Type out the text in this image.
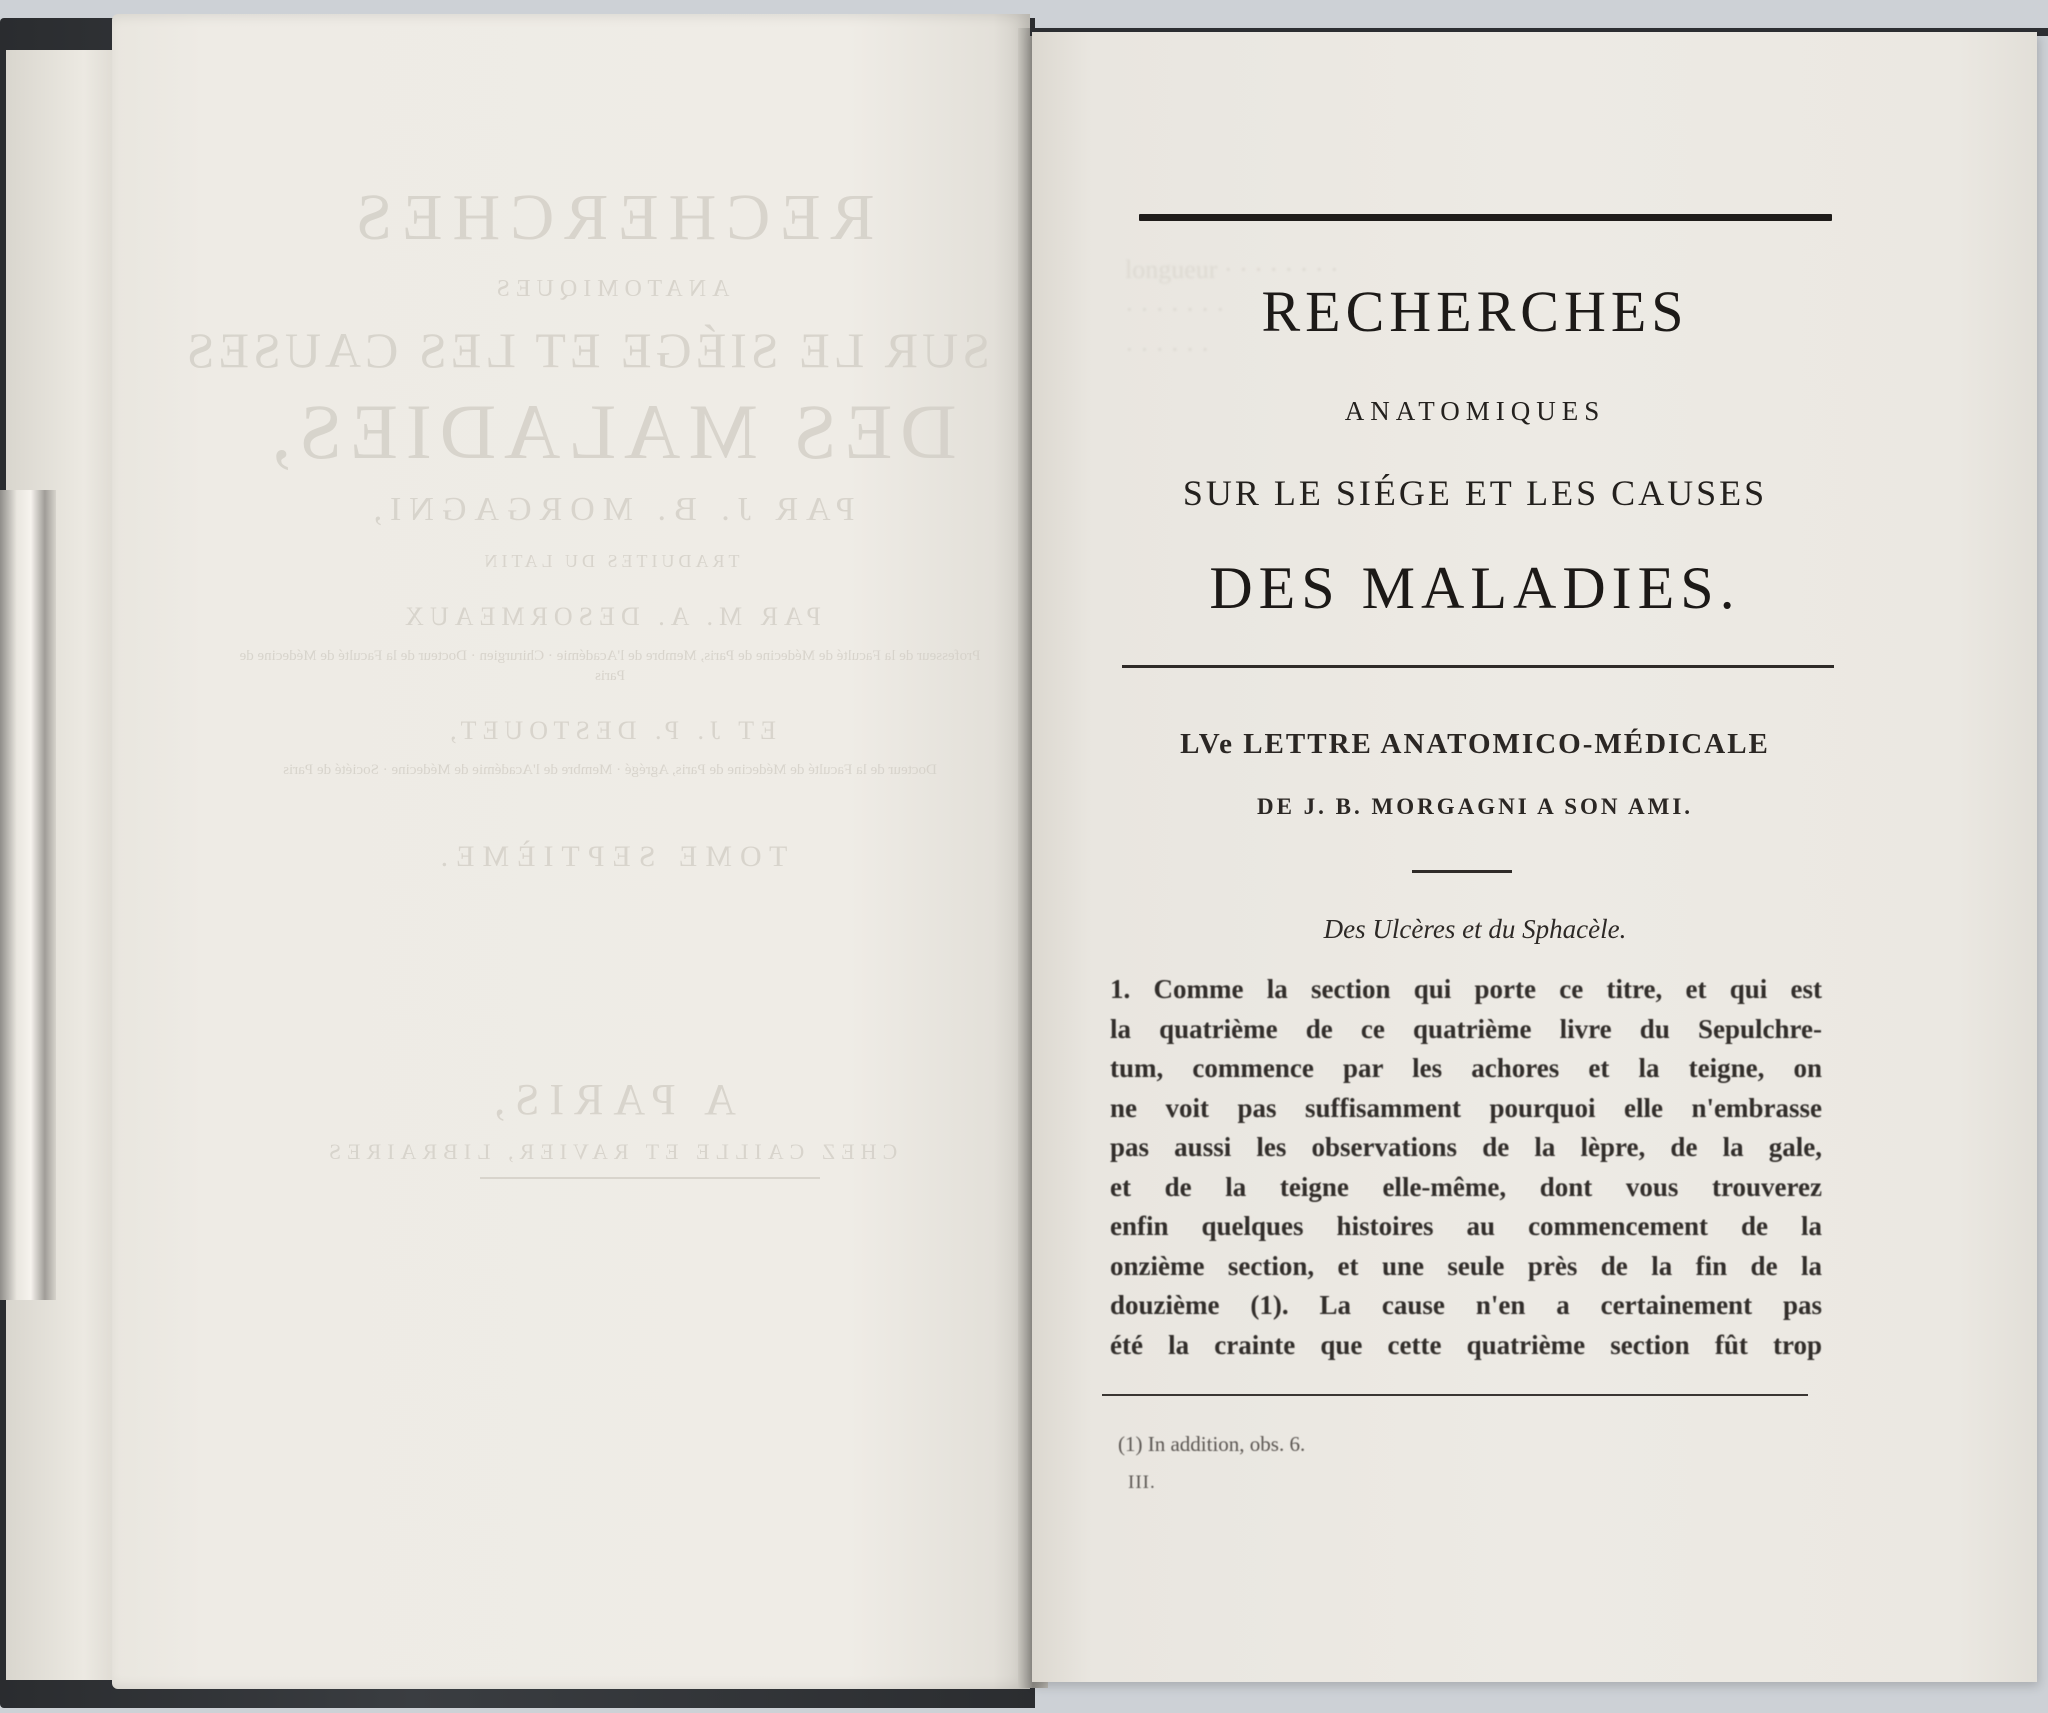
RECHERCHES
ANATOMIQUES
SUR LE SIÉGE ET LES CAUSES
DES MALADIES,
PAR J. B. MORGAGNI,
TRADUITES DU LATIN
PAR M. A. DESORMEAUX
Professeur de la Faculté de Médecine de Paris, Membre de l'Académie · Chirurgien · Docteur de la Faculté de Médecine de Paris
ET J. P. DESTOUET,
Docteur de la Faculté de Médecine de Paris, Agrégé · Membre de l'Académie de Médecine · Société de Paris
TOME SEPTIÈME.
A PARIS,
CHEZ CAILLE ET RAVIER, LIBRAIRES
longueur · · · · · · · ·
· · · · · · ·
· · · · · ·
RECHERCHES
ANATOMIQUES
SUR LE SIÉGE ET LES CAUSES
DES MALADIES.
LVe LETTRE ANATOMICO-MÉDICALE
DE J. B. MORGAGNI A SON AMI.
Des Ulcères et du Sphacèle.
1. Comme la section qui porte ce titre, et qui est
la quatrième de ce quatrième livre du Sepulchre-
tum, commence par les achores et la teigne, on
ne voit pas suffisamment pourquoi elle n'embrasse
pas aussi les observations de la lèpre, de la gale,
et de la teigne elle-même, dont vous trouverez
enfin quelques histoires au commencement de la
onzième section, et une seule près de la fin de la
douzième (1). La cause n'en a certainement pas
été la crainte que cette quatrième section fût trop
(1) In addition, obs. 6.
III.
